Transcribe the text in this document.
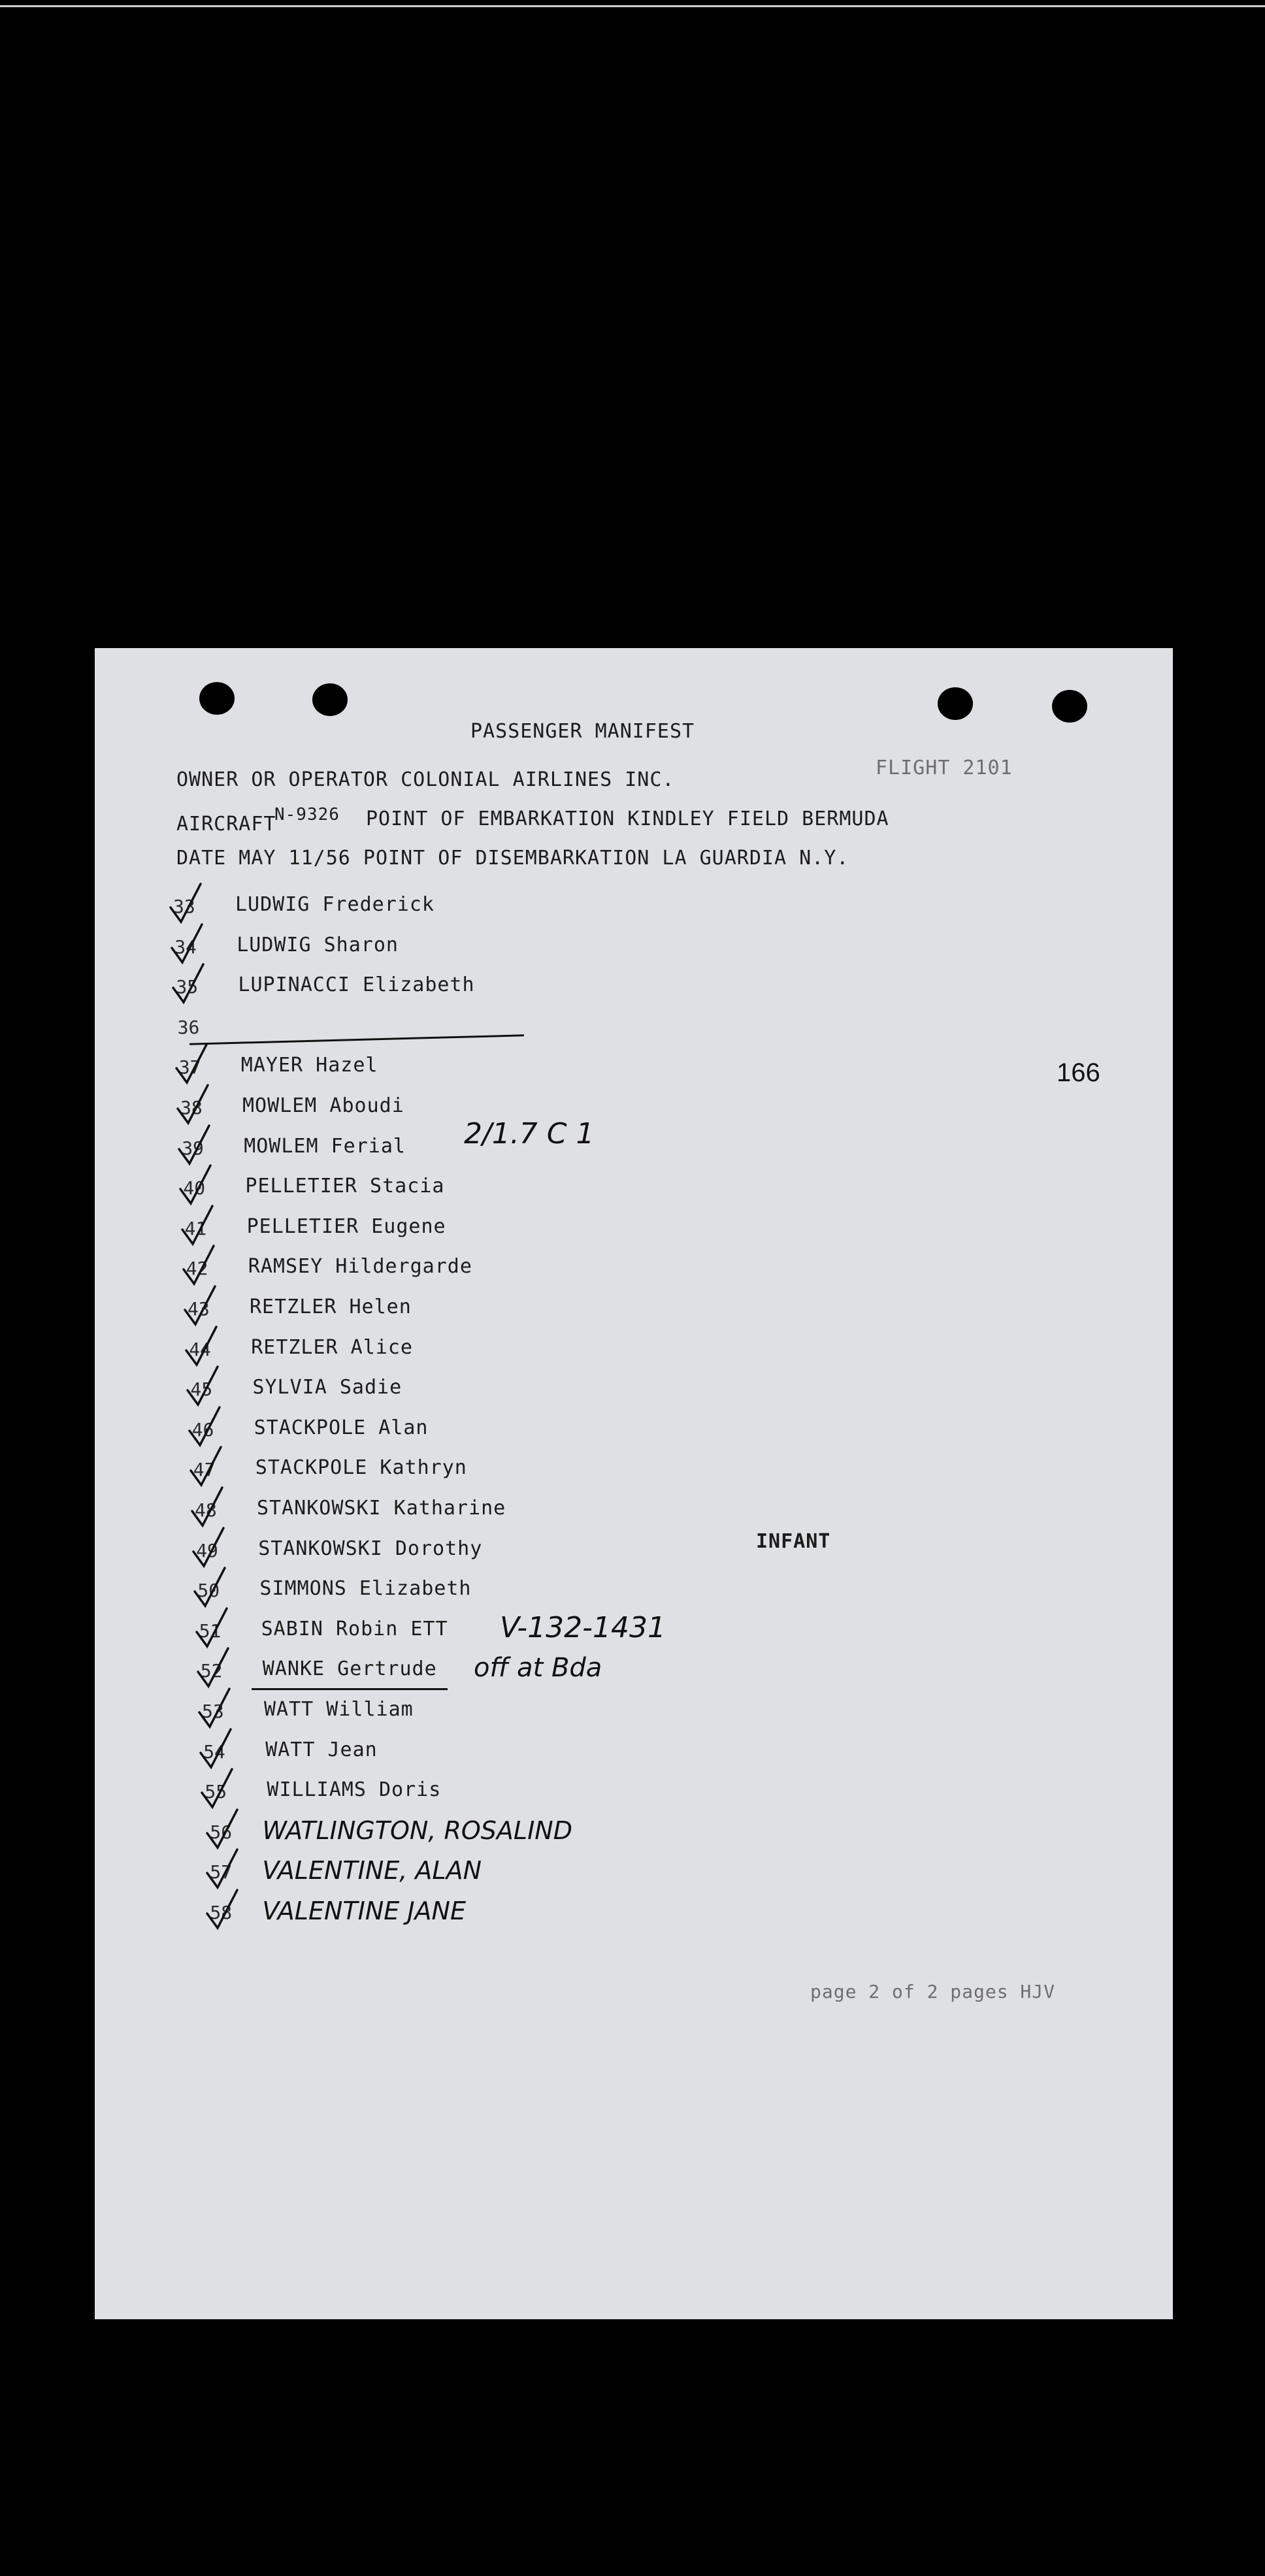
PASSENGER MANIFEST
OWNER OR OPERATOR COLONIAL AIRLINES INC.
FLIGHT 2101
AIRCRAFT
N-9326 POINT OF EMBARKATION KINDLEY FIELD BERMUDA
DATE MAY 11/56 POINT OF DISEMBARKATION LA GUARDIA N.Y.
166
33 LUDWIG Frederick
34 LUDWIG Sharon
35 LUPINACCI Elizabeth
36
37 MAYER Hazel
38 MOWLEM Aboudi
39 MOWLEM Ferial
40 PELLETIER Stacia
41 PELLETIER Eugene
42 RAMSEY Hildergarde
43 RETZLER Helen
44 RETZLER Alice
45 SYLVIA Sadie
46 STACKPOLE Alan
47 STACKPOLE Kathryn
48 STANKOWSKI Katharine
49 STANKOWSKI Dorothy
50 SIMMONS Elizabeth
51 SABIN Robin ETT
52 WANKE Gertrude
53 WATT William
54 WATT Jean
55 WILLIAMS Doris
56 WATLINGTON, ROSALIND
57 VALENTINE, ALAN
58 VALENTINE JANE
INFANT
2/1.7 C 1
V-132-1431
off at Bda
page 2 of 2 pages HJV
